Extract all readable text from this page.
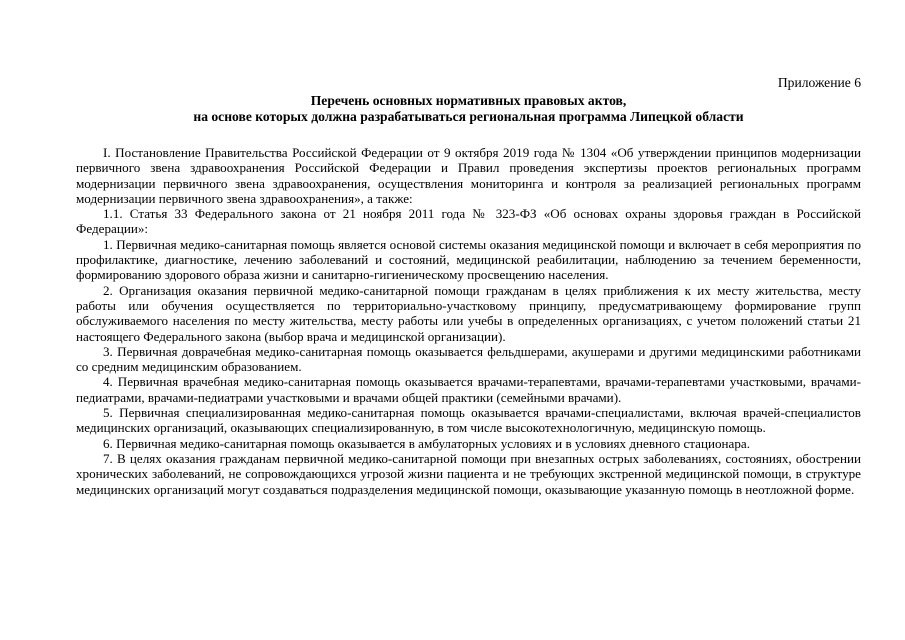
Приложение 6

Перечень основных нормативных правовых актов,
на основе которых должна разрабатываться региональная программа Липецкой области

I. Постановление Правительства Российской Федерации от 9 октября 2019 года № 1304 «Об утверждении принципов модернизации первичного звена здравоохранения Российской Федерации и Правил проведения экспертизы проектов региональных программ модернизации первичного звена здравоохранения, осуществления мониторинга и контроля за реализацией региональных программ модернизации первичного звена здравоохранения», а также:

1.1. Статья 33 Федерального закона от 21 ноября 2011 года № 323-ФЗ «Об основах охраны здоровья граждан в Российской Федерации»:

1. Первичная медико-санитарная помощь является основой системы оказания медицинской помощи и включает в себя мероприятия по профилактике, диагностике, лечению заболеваний и состояний, медицинской реабилитации, наблюдению за течением беременности, формированию здорового образа жизни и санитарно-гигиеническому просвещению населения.

2. Организация оказания первичной медико-санитарной помощи гражданам в целях приближения к их месту жительства, месту работы или обучения осуществляется по территориально-участковому принципу, предусматривающему формирование групп обслуживаемого населения по месту жительства, месту работы или учебы в определенных организациях, с учетом положений статьи 21 настоящего Федерального закона (выбор врача и медицинской организации).

3. Первичная доврачебная медико-санитарная помощь оказывается фельдшерами, акушерами и другими медицинскими работниками со средним медицинским образованием.

4. Первичная врачебная медико-санитарная помощь оказывается врачами-терапевтами, врачами-терапевтами участковыми, врачами-педиатрами, врачами-педиатрами участковыми и врачами общей практики (семейными врачами).

5. Первичная специализированная медико-санитарная помощь оказывается врачами-специалистами, включая врачей-специалистов медицинских организаций, оказывающих специализированную, в том числе высокотехнологичную, медицинскую помощь.

6. Первичная медико-санитарная помощь оказывается в амбулаторных условиях и в условиях дневного стационара.

7. В целях оказания гражданам первичной медико-санитарной помощи при внезапных острых заболеваниях, состояниях, обострении хронических заболеваний, не сопровождающихся угрозой жизни пациента и не требующих экстренной медицинской помощи, в структуре медицинских организаций могут создаваться подразделения медицинской помощи, оказывающие указанную помощь в неотложной форме.
